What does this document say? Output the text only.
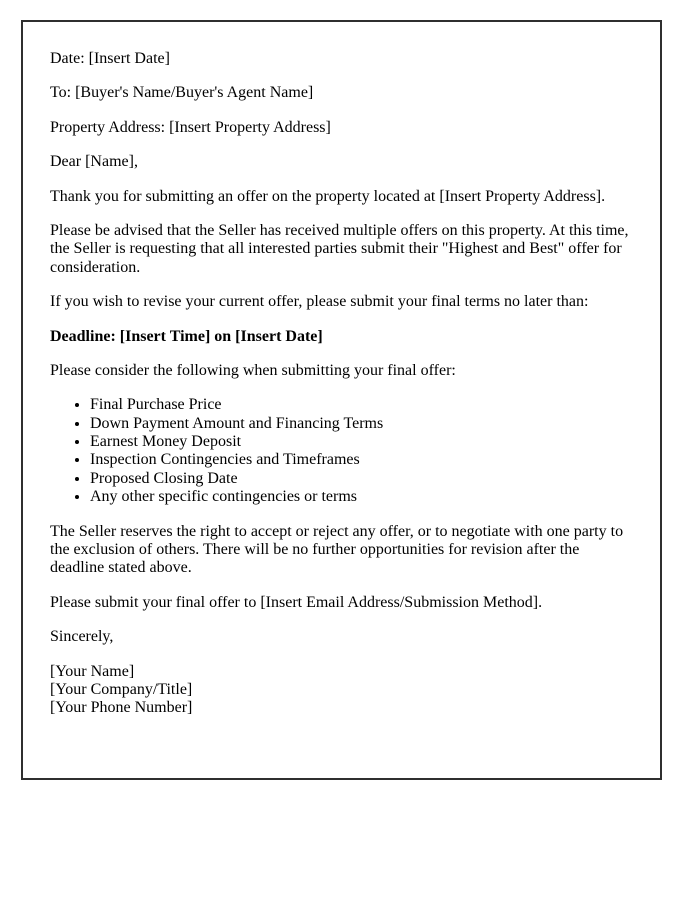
Date: [Insert Date]
To: [Buyer's Name/Buyer's Agent Name]
Property Address: [Insert Property Address]
Dear [Name],
Thank you for submitting an offer on the property located at [Insert Property Address].
Please be advised that the Seller has received multiple offers on this property. At this time, the Seller is requesting that all interested parties submit their "Highest and Best" offer for consideration.
If you wish to revise your current offer, please submit your final terms no later than:
Deadline: [Insert Time] on [Insert Date]
Please consider the following when submitting your final offer:
• Final Purchase Price
• Down Payment Amount and Financing Terms
• Earnest Money Deposit
• Inspection Contingencies and Timeframes
• Proposed Closing Date
• Any other specific contingencies or terms
The Seller reserves the right to accept or reject any offer, or to negotiate with one party to the exclusion of others. There will be no further opportunities for revision after the deadline stated above.
Please submit your final offer to [Insert Email Address/Submission Method].
Sincerely,
[Your Name]
[Your Company/Title]
[Your Phone Number]
